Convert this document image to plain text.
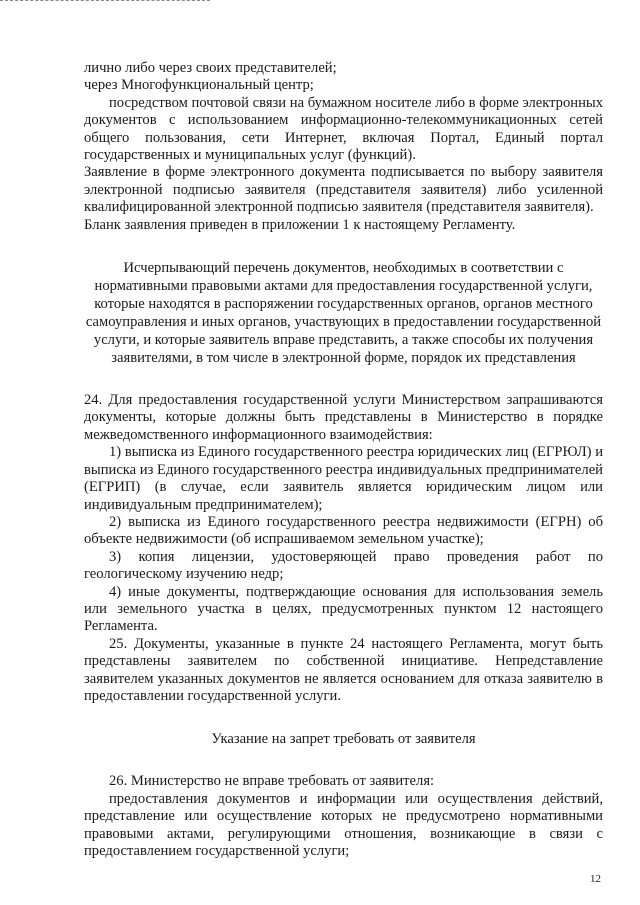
лично либо через своих представителей;

через Многофункциональный центр;

посредством почтовой связи на бумажном носителе либо в форме электронных документов с использованием информационно-телекоммуникационных сетей общего пользования, сети Интернет, включая Портал, Единый портал государственных и муниципальных услуг (функций).

Заявление в форме электронного документа подписывается по выбору заявителя электронной подписью заявителя (представителя заявителя) либо усиленной квалифицированной электронной подписью заявителя (представителя заявителя).

Бланк заявления приведен в приложении 1 к настоящему Регламенту.

Исчерпывающий перечень документов, необходимых в соответствии с нормативными правовыми актами для предоставления государственной услуги, которые находятся в распоряжении государственных органов, органов местного самоуправления и иных органов, участвующих в предоставлении государственной услуги, и которые заявитель вправе представить, а также способы их получения заявителями, в том числе в электронной форме, порядок их представления

24. Для предоставления государственной услуги Министерством запрашиваются документы, которые должны быть представлены в Министерство в порядке межведомственного информационного взаимодействия:

1) выписка из Единого государственного реестра юридических лиц (ЕГРЮЛ) и выписка из Единого государственного реестра индивидуальных предпринимателей (ЕГРИП) (в случае, если заявитель является юридическим лицом или индивидуальным предпринимателем);

2) выписка из Единого государственного реестра недвижимости (ЕГРН) об объекте недвижимости (об испрашиваемом земельном участке);

3) копия лицензии, удостоверяющей право проведения работ по геологическому изучению недр;

4) иные документы, подтверждающие основания для использования земель или земельного участка в целях, предусмотренных пунктом 12 настоящего Регламента.

25. Документы, указанные в пункте 24 настоящего Регламента, могут быть представлены заявителем по собственной инициативе. Непредставление заявителем указанных документов не является основанием для отказа заявителю в предоставлении государственной услуги.

Указание на запрет требовать от заявителя

26. Министерство не вправе требовать от заявителя:

предоставления документов и информации или осуществления действий, представление или осуществление которых не предусмотрено нормативными правовыми актами, регулирующими отношения, возникающие в связи с предоставлением государственной услуги;

12
